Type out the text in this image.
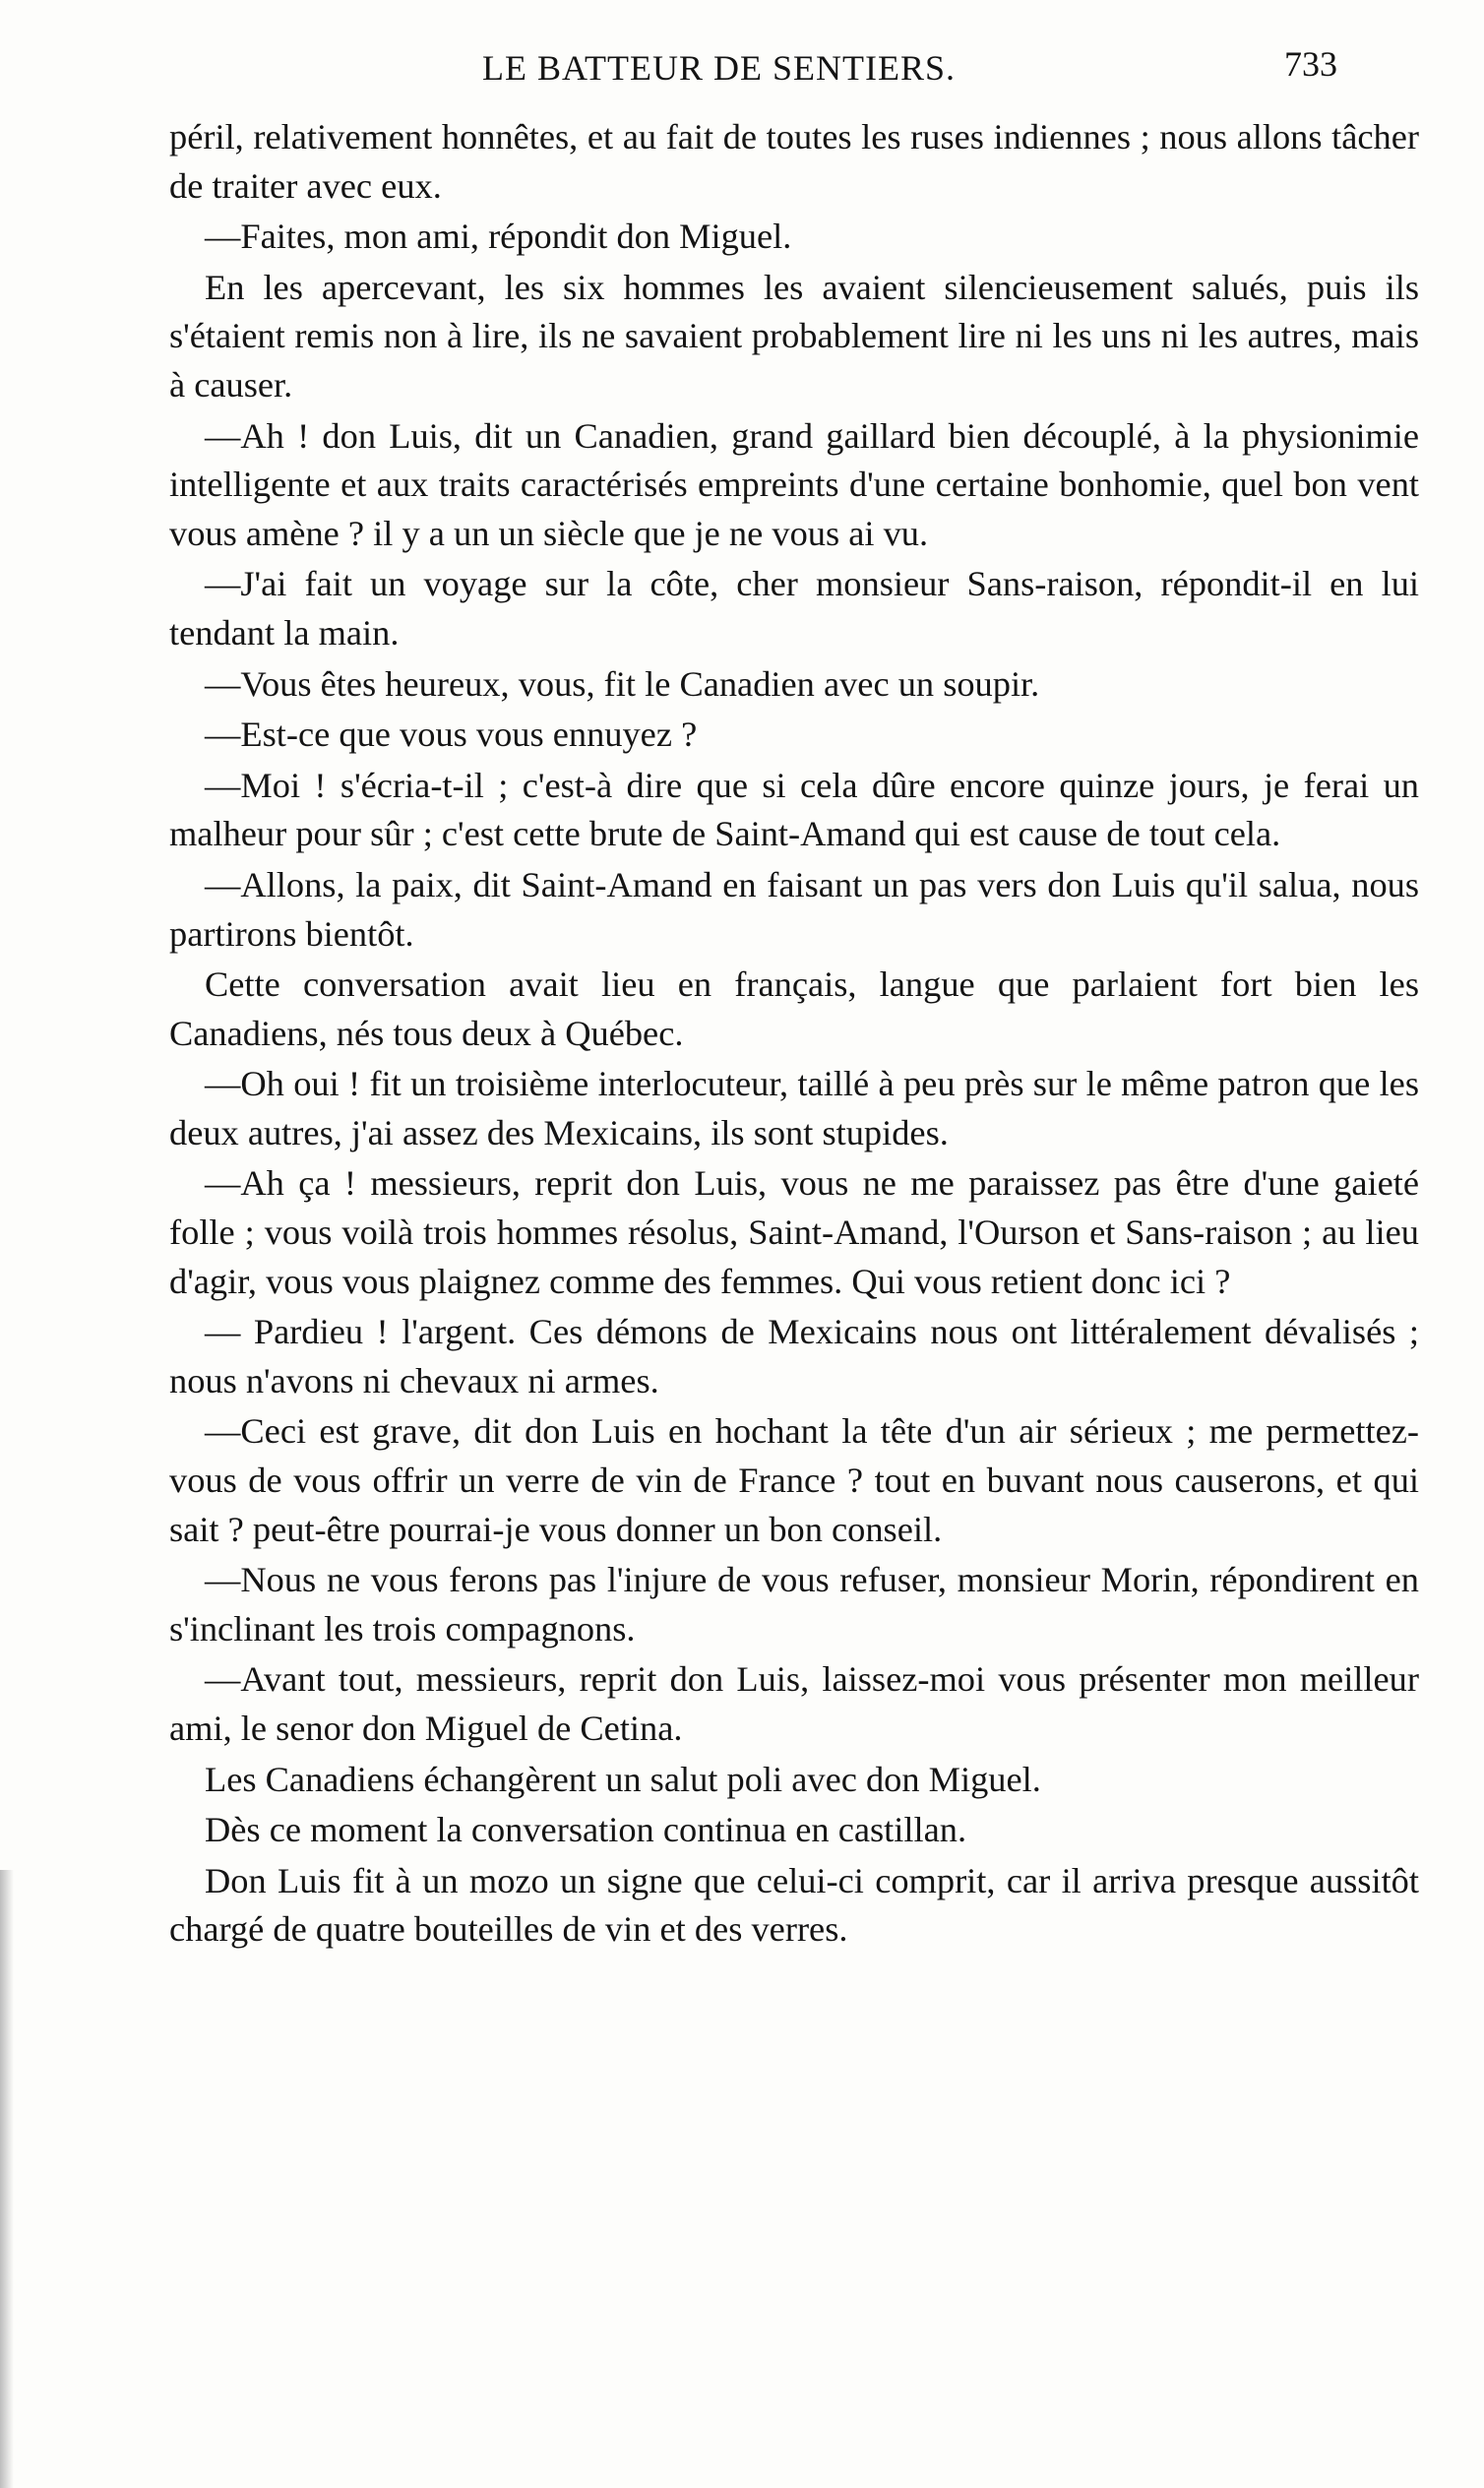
LE BATTEUR DE SENTIERS.	733

péril, relativement honnêtes, et au fait de toutes les ruses indiennes ; nous allons tâcher de traiter avec eux.

—Faites, mon ami, répondit don Miguel.

En les apercevant, les six hommes les avaient silencieusement salués, puis ils s'étaient remis non à lire, ils ne savaient probablement lire ni les uns ni les autres, mais à causer.

—Ah ! don Luis, dit un Canadien, grand gaillard bien découplé, à la physionimie intelligente et aux traits caractérisés empreints d'une certaine bonhomie, quel bon vent vous amène ? il y a un un siècle que je ne vous ai vu.

—J'ai fait un voyage sur la côte, cher monsieur Sans-raison, répondit-il en lui tendant la main.

—Vous êtes heureux, vous, fit le Canadien avec un soupir.

—Est-ce que vous vous ennuyez ?

—Moi ! s'écria-t-il ; c'est-à dire que si cela dûre encore quinze jours, je ferai un malheur pour sûr ; c'est cette brute de Saint-Amand qui est cause de tout cela.

—Allons, la paix, dit Saint-Amand en faisant un pas vers don Luis qu'il salua, nous partirons bientôt.

Cette conversation avait lieu en français, langue que parlaient fort bien les Canadiens, nés tous deux à Québec.

—Oh oui ! fit un troisième interlocuteur, taillé à peu près sur le même patron que les deux autres, j'ai assez des Mexicains, ils sont stupides.

—Ah ça ! messieurs, reprit don Luis, vous ne me paraissez pas être d'une gaieté folle ; vous voilà trois hommes résolus, Saint-Amand, l'Ourson et Sans-raison ; au lieu d'agir, vous vous plaignez comme des femmes. Qui vous retient donc ici ?

— Pardieu ! l'argent. Ces démons de Mexicains nous ont littéralement dévalisés ; nous n'avons ni chevaux ni armes.

—Ceci est grave, dit don Luis en hochant la tête d'un air sérieux ; me permettez-vous de vous offrir un verre de vin de France ? tout en buvant nous causerons, et qui sait ? peut-être pourrai-je vous donner un bon conseil.

—Nous ne vous ferons pas l'injure de vous refuser, monsieur Morin, répondirent en s'inclinant les trois compagnons.

—Avant tout, messieurs, reprit don Luis, laissez-moi vous présenter mon meilleur ami, le senor don Miguel de Cetina.

Les Canadiens échangèrent un salut poli avec don Miguel.

Dès ce moment la conversation continua en castillan.

Don Luis fit à un mozo un signe que celui-ci comprit, car il arriva presque aussitôt chargé de quatre bouteilles de vin et des verres.
